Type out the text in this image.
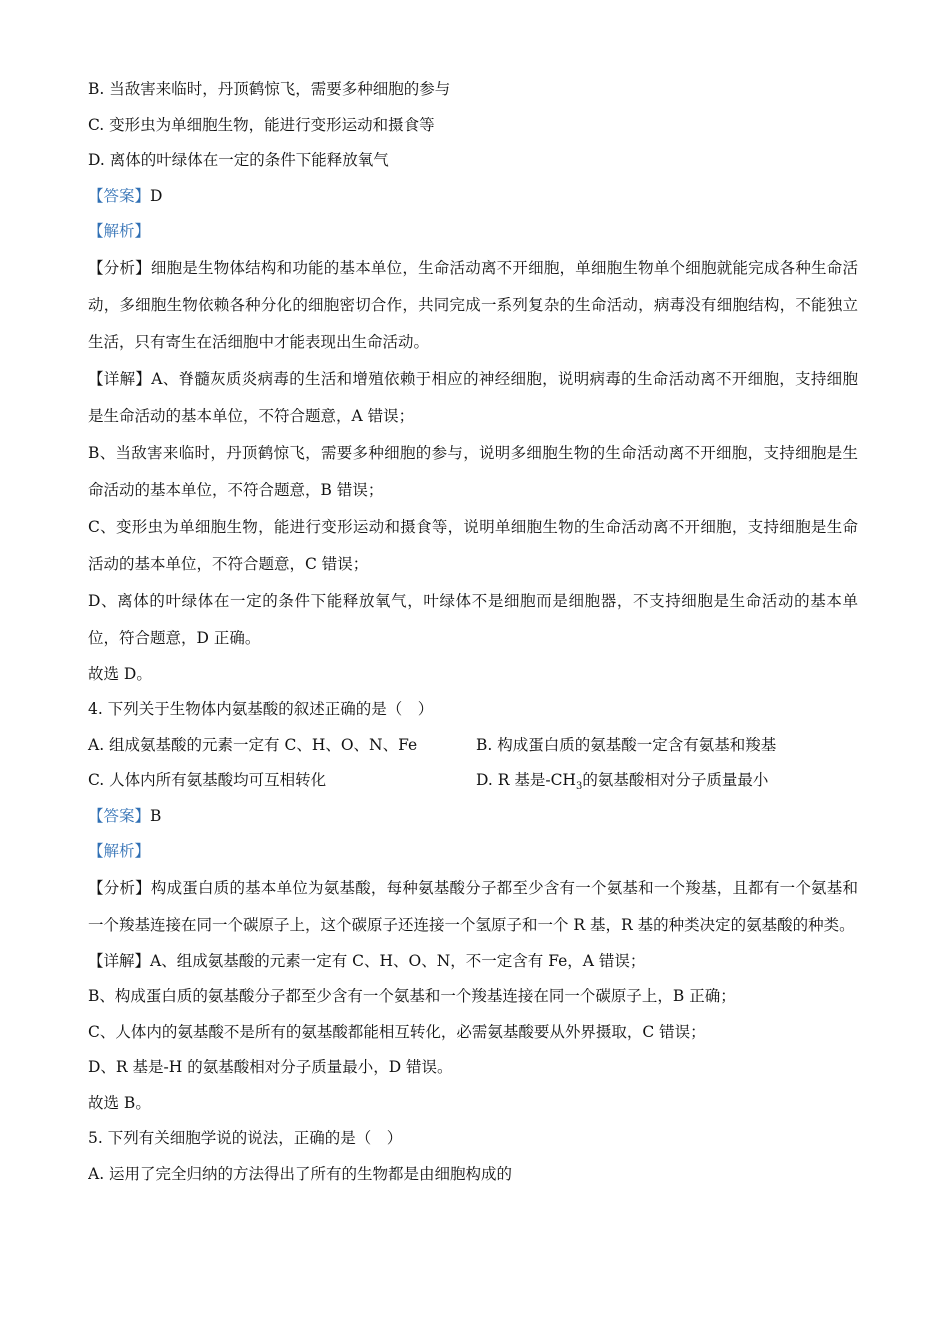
B. 当敌害来临时，丹顶鹤惊飞，需要多种细胞的参与
C. 变形虫为单细胞生物，能进行变形运动和摄食等
D. 离体的叶绿体在一定的条件下能释放氧气
【答案】D
【解析】
【分析】细胞是生物体结构和功能的基本单位，生命活动离不开细胞，单细胞生物单个细胞就能完成各种生命活动，多细胞生物依赖各种分化的细胞密切合作，共同完成一系列复杂的生命活动，病毒没有细胞结构，不能独立生活，只有寄生在活细胞中才能表现出生命活动。
【详解】A、脊髓灰质炎病毒的生活和增殖依赖于相应的神经细胞，说明病毒的生命活动离不开细胞，支持细胞是生命活动的基本单位，不符合题意，A 错误；
B、当敌害来临时，丹顶鹤惊飞，需要多种细胞的参与，说明多细胞生物的生命活动离不开细胞，支持细胞是生命活动的基本单位，不符合题意，B 错误；
C、变形虫为单细胞生物，能进行变形运动和摄食等，说明单细胞生物的生命活动离不开细胞，支持细胞是生命活动的基本单位，不符合题意，C 错误；
D、离体的叶绿体在一定的条件下能释放氧气，叶绿体不是细胞而是细胞器，不支持细胞是生命活动的基本单位，符合题意，D 正确。
故选 D。
4. 下列关于生物体内氨基酸的叙述正确的是（　）
A. 组成氨基酸的元素一定有 C、H、O、N、Fe	B. 构成蛋白质的氨基酸一定含有氨基和羧基
C. 人体内所有氨基酸均可互相转化	D. R 基是$-CH_3$的氨基酸相对分子质量最小
【答案】B
【解析】
【分析】构成蛋白质的基本单位为氨基酸，每种氨基酸分子都至少含有一个氨基和一个羧基，且都有一个氨基和一个羧基连接在同一个碳原子上，这个碳原子还连接一个氢原子和一个 R 基，R 基的种类决定的氨基酸的种类。
【详解】A、组成氨基酸的元素一定有 C、H、O、N，不一定含有 Fe，A 错误；
B、构成蛋白质的氨基酸分子都至少含有一个氨基和一个羧基连接在同一个碳原子上，B 正确；
C、人体内的氨基酸不是所有的氨基酸都能相互转化，必需氨基酸要从外界摄取，C 错误；
D、R 基是-H 的氨基酸相对分子质量最小，D 错误。
故选 B。
5. 下列有关细胞学说的说法，正确的是（　）
A. 运用了完全归纳的方法得出了所有的生物都是由细胞构成的
